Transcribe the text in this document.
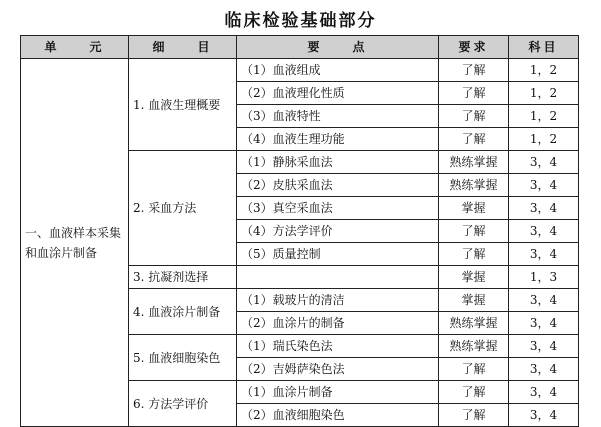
临床检验基础部分
单　　元	细　　目	要　　点	要求	科目

一、血液样本采集和血涂片制备	1. 血液生理概要	（1）血液组成	了解	1，2
		（2）血液理化性质	了解	1，2
		（3）血液特性	了解	1，2
		（4）血液生理功能	了解	1，2
	2. 采血方法	（1）静脉采血法	熟练掌握	3，4
		（2）皮肤采血法	熟练掌握	3，4
		（3）真空采血法	掌握	3，4
		（4）方法学评价	了解	3，4
		（5）质量控制	了解	3，4
	3. 抗凝剂选择		掌握	1，3
	4. 血液涂片制备	（1）载玻片的清洁	掌握	3，4
		（2）血涂片的制备	熟练掌握	3，4
	5. 血液细胞染色	（1）瑞氏染色法	熟练掌握	3，4
		（2）吉姆萨染色法	了解	3，4
	6. 方法学评价	（1）血涂片制备	了解	3，4
		（2）血液细胞染色	了解	3，4
